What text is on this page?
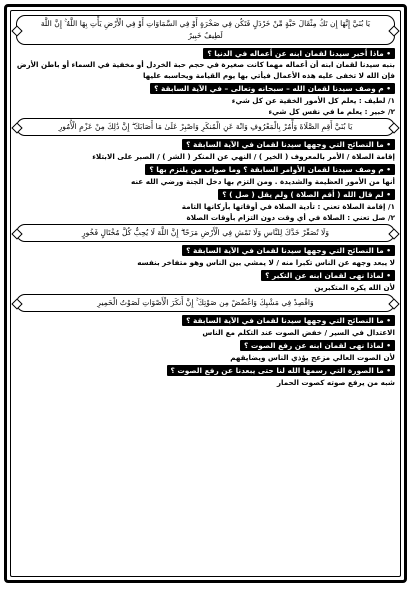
يَا بُنَيَّ إِنَّهَا إِن تَكُ مِثْقَالَ حَبَّةٍ مِّنْ خَرْدَلٍ فَتَكُن فِي صَخْرَةٍ أَوْ فِي السَّمَاوَاتِ أَوْ فِي الْأَرْضِ يَأْتِ بِهَا اللَّهُ ۚ إِنَّ اللَّهَ لَطِيفٌ خَبِيرٌ
• ماذا أخبر سيدنا لقمان ابنه عن أعماله في الدنيا ؟

بنبه سيدنا لقمان ابنه أن أعماله مهما كانت صغيرة في حجم حبة الخردل أو مخفية في السماء أو باطن الأرض فإن الله لا تخفى عليه هذه الأعمال فيأتي بها يوم القيامة ويحاسبه عليها

• م وصف سيدنا لقمان الله – سبحانه وتعالى – في الآية السابقة ؟

١/ لطيف : يعلم كل الأمور الخفية عن كل شيء

٢/ خبير : يعلم ما في نفس كل شيء

يَا بُنَيَّ أَقِمِ الصَّلَاةَ وَأْمُرْ بِالْمَعْرُوفِ وَانْهَ عَنِ الْمُنكَرِ وَاصْبِرْ عَلَىٰ مَا أَصَابَكَ ۖ إِنَّ ذَٰلِكَ مِنْ عَزْمِ الْأُمُورِ
• ما النصائح التي وجهها سيدنا لقمان في الآية السابقة ؟

إقامة الصلاة / الأمر بالمعروف ( الخير ) / النهي عن المنكر ( الشر ) / الصبر على الابتلاء

• م وصف سيدنا لقمان الأوامر السابقة ؟ وما صواب من يلتزم بها ؟

أنها من الأمور العظيمة والشديدة . ومن التزم بها دخل الجنة ورضي الله عنه

• لم قال الله ( أقم الصلاة ) ولم يقل ( صل ) ؟

١/ إقامة الصلاة تعني : تأدية الصلاة في أوقاتها بأركانها التامة

٢/ صل تعني : الصلاة في أي وقت دون التزام بأوقات الصلاة

وَلَا تُصَعِّرْ خَدَّكَ لِلنَّاسِ وَلَا تَمْشِ فِي الْأَرْضِ مَرَحًا ۖ إِنَّ اللَّهَ لَا يُحِبُّ كُلَّ مُخْتَالٍ فَخُورٍ
• ما النصائح التي وجهها سيدنا لقمان في الآية السابقة ؟

لا يبعد وجهه عن الناس تكبرا منه / لا يمشي بين الناس وهو متفاخر بنفسه

• لماذا نهى لقمان ابنه عن التكبر ؟

لأن الله يكره المتكبرين

وَاقْصِدْ فِي مَشْيِكَ وَاغْضُضْ مِن صَوْتِكَ ۚ إِنَّ أَنكَرَ الْأَصْوَاتِ لَصَوْتُ الْحَمِيرِ
• ما النصائح التي وجهها سيدنا لقمان في الآية السابقة ؟

الاعتدال في السير / خفض الصوت عند التكلم مع الناس

• لماذا نهى لقمان ابنه عن رفع الصوت ؟

لأن الصوت العالي مزعج يؤذي الناس ويضايقهم

• ما الصورة التي رسمها الله لنا حتى يبعدنا عن رفع الصوت ؟

شبه من يرفع صوته كصوت الحمار
